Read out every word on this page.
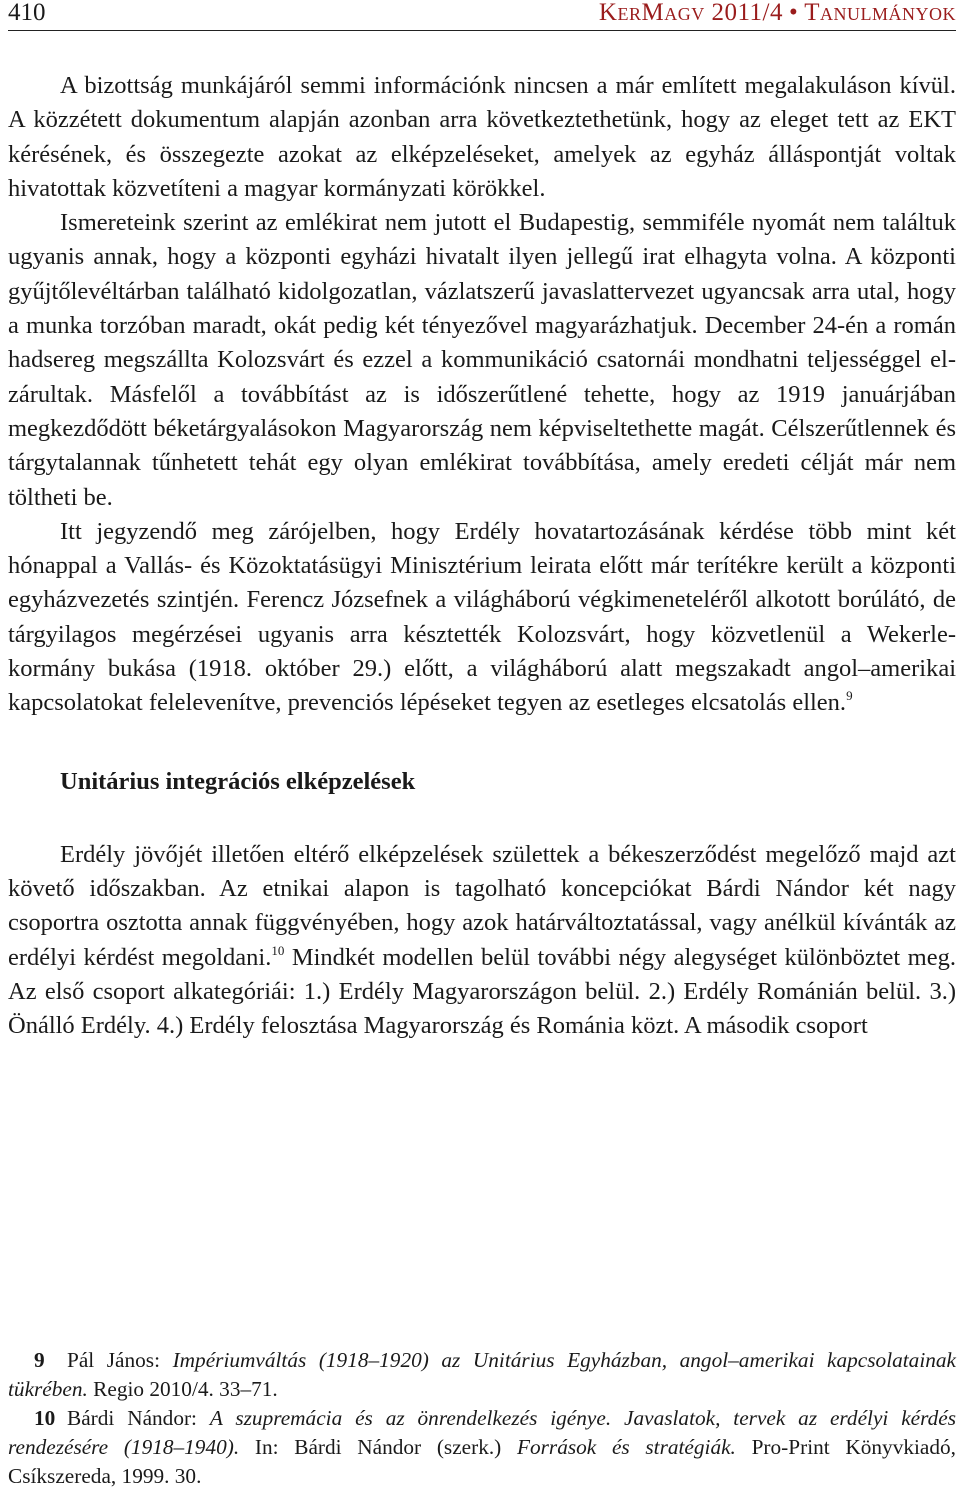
410	KerMagv 2011/4 • Tanulmányok

A bizottság munkájáról semmi információnk nincsen a már említett megalakuláson kívül. A közzétett dokumentum alapján azonban arra következtethetünk, hogy az eleget tett az EKT kérésének, és összegezte azokat az elképzeléseket, amelyek az egyház álláspontját voltak hivatottak közvetíteni a magyar kormányzati körökkel.

Ismereteink szerint az emlékirat nem jutott el Budapestig, semmiféle nyomát nem találtuk ugyanis annak, hogy a központi egyházi hivatalt ilyen jellegű irat elhagyta volna. A központi gyűjtőlevéltárban található kidolgozatlan, vázlatszerű javaslattervezet ugyancsak arra utal, hogy a munka torzóban maradt, okát pedig két tényezővel magyarázhatjuk. December 24-én a román hadsereg megszállta Kolozsvárt és ezzel a kommunikáció csatornái mondhatni teljességgel elzárultak. Másfelől a továbbítást az is időszerűtlené tehette, hogy az 1919 januárjában megkezdődött béketárgyalásokon Magyarország nem képviseltethette magát. Célszerűtlennek és tárgytalannak tűnhetett tehát egy olyan emlékirat továbbítása, amely eredeti célját már nem töltheti be.

Itt jegyzendő meg zárójelben, hogy Erdély hovatartozásának kérdése több mint két hónappal a Vallás- és Közoktatásügyi Minisztérium leirata előtt már terítékre került a központi egyházvezetés szintjén. Ferencz Józsefnek a világháború végkimeneteléről alkotott borúlátó, de tárgyilagos megérzései ugyanis arra késztették Kolozsvárt, hogy közvetlenül a Wekerle-kormány bukása (1918. október 29.) előtt, a világháború alatt megszakadt angol–amerikai kapcsolatokat felelevenítve, prevenciós lépéseket tegyen az esetleges elcsatolás ellen.$^9$

Unitárius integrációs elképzelések

Erdély jövőjét illetően eltérő elképzelések születtek a békeszerződést megelőző majd azt követő időszakban. Az etnikai alapon is tagolható koncepciókat Bárdi Nándor két nagy csoportra osztotta annak függvényében, hogy azok határváltoztatással, vagy anélkül kívánták az erdélyi kérdést megoldani.$^{10}$ Mindkét modellen belül további négy alegységet különböztet meg. Az első csoport alkategóriái: 1.) Erdély Magyarországon belül. 2.) Erdély Románián belül. 3.) Önálló Erdély. 4.) Erdély felosztása Magyarország és Románia közt. A második csoport

9 Pál János: Impériumváltás (1918–1920) az Unitárius Egyházban, angol–amerikai kapcsolatainak tükrében. Regio 2010/4. 33–71.

10 Bárdi Nándor: A szupremácia és az önrendelkezés igénye. Javaslatok, tervek az erdélyi kérdés rendezésére (1918–1940). In: Bárdi Nándor (szerk.) Források és stratégiák. Pro-Print Könyvkiadó, Csíkszereda, 1999. 30.
